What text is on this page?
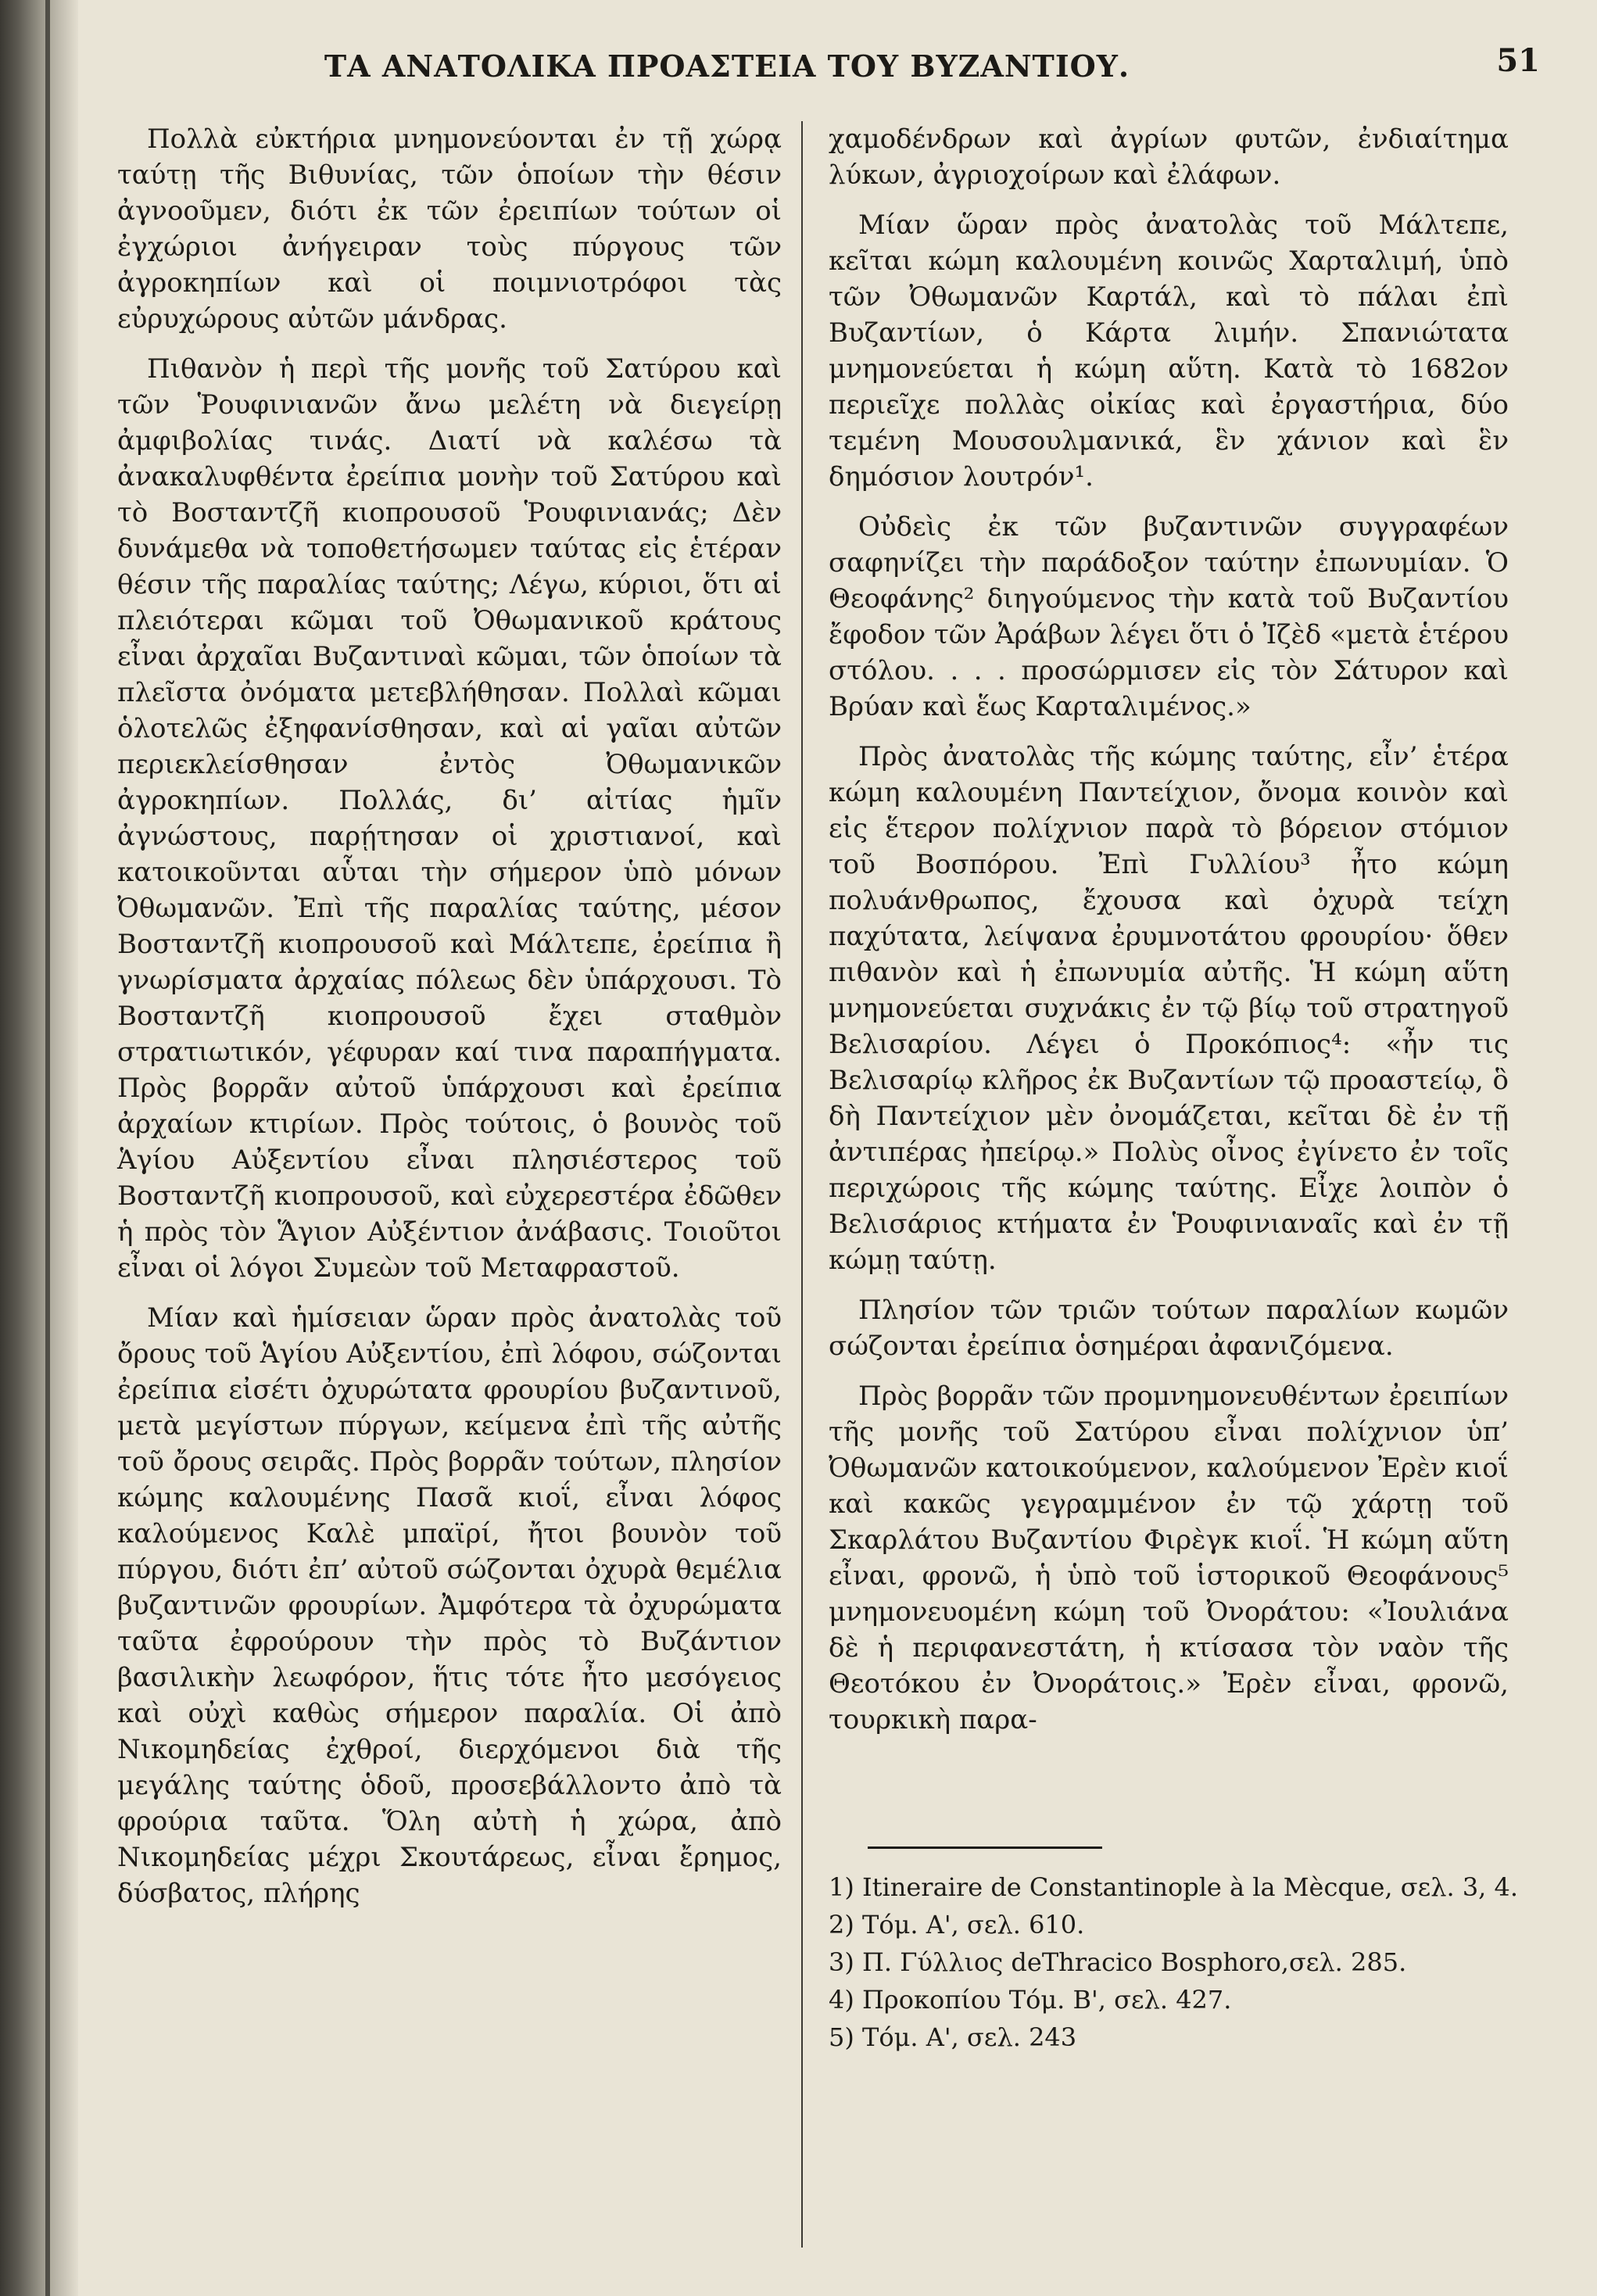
ΤΑ ΑΝΑΤΟΛΙΚΑ ΠΡΟΑΣΤΕΙΑ ΤΟΥ ΒΥΖΑΝΤΙΟΥ.	51

Πολλὰ εὐκτήρια μνημονεύονται ἐν τῇ χώρᾳ ταύτῃ τῆς Βιθυνίας, τῶν ὁποίων τὴν θέσιν ἀγνοοῦμεν, διότι ἐκ τῶν ἐρειπίων τούτων οἱ ἐγχώριοι ἀνήγειραν τοὺς πύργους τῶν ἀγροκηπίων καὶ οἱ ποιμνιοτρόφοι τὰς εὐρυχώρους αὐτῶν μάνδρας.

Πιθανὸν ἡ περὶ τῆς μονῆς τοῦ Σατύρου καὶ τῶν Ῥουφινιανῶν ἄνω μελέτη νὰ διεγείρῃ ἀμφιβολίας τινάς. Διατί νὰ καλέσω τὰ ἀνακαλυφθέντα ἐρείπια μονὴν τοῦ Σατύρου καὶ τὸ Βοσταντζῆ κιοπρουσοῦ Ῥουφινιανάς; Δὲν δυνάμεθα νὰ τοποθετήσωμεν ταύτας εἰς ἑτέραν θέσιν τῆς παραλίας ταύτης; Λέγω, κύριοι, ὅτι αἱ πλειότεραι κῶμαι τοῦ Ὀθωμανικοῦ κράτους εἶναι ἀρχαῖαι Βυζαντιναὶ κῶμαι, τῶν ὁποίων τὰ πλεῖστα ὀνόματα μετεβλήθησαν. Πολλαὶ κῶμαι ὁλοτελῶς ἐξηφανίσθησαν, καὶ αἱ γαῖαι αὐτῶν περιεκλείσθησαν ἐντὸς Ὀθωμανικῶν ἀγροκηπίων. Πολλάς, δι’ αἰτίας ἡμῖν ἀγνώστους, παρῄτησαν οἱ χριστιανοί, καὶ κατοικοῦνται αὗται τὴν σήμερον ὑπὸ μόνων Ὀθωμανῶν. Ἐπὶ τῆς παραλίας ταύτης, μέσον Βοσταντζῆ κιοπρουσοῦ καὶ Μάλτεπε, ἐρείπια ἢ γνωρίσματα ἀρχαίας πόλεως δὲν ὑπάρχουσι. Τὸ Βοσταντζῆ κιοπρουσοῦ ἔχει σταθμὸν στρατιωτικόν, γέφυραν καί τινα παραπήγματα. Πρὸς βορρᾶν αὐτοῦ ὑπάρχουσι καὶ ἐρείπια ἀρχαίων κτιρίων. Πρὸς τούτοις, ὁ βουνὸς τοῦ Ἁγίου Αὐξεντίου εἶναι πλησιέστερος τοῦ Βοσταντζῆ κιοπρουσοῦ, καὶ εὐχερεστέρα ἐδῶθεν ἡ πρὸς τὸν Ἅγιον Αὐξέντιον ἀνάβασις. Τοιοῦτοι εἶναι οἱ λόγοι Συμεὼν τοῦ Μεταφραστοῦ.

Μίαν καὶ ἡμίσειαν ὥραν πρὸς ἀνατολὰς τοῦ ὄρους τοῦ Ἁγίου Αὐξεντίου, ἐπὶ λόφου, σώζονται ἐρείπια εἰσέτι ὀχυρώτατα φρουρίου βυζαντινοῦ, μετὰ μεγίστων πύργων, κείμενα ἐπὶ τῆς αὐτῆς τοῦ ὄρους σειρᾶς. Πρὸς βορρᾶν τούτων, πλησίον κώμης καλουμένης Πασᾶ κιοΐ, εἶναι λόφος καλούμενος Καλὲ μπαϊρί, ἤτοι βουνὸν τοῦ πύργου, διότι ἐπ’ αὐτοῦ σώζονται ὀχυρὰ θεμέλια βυζαντινῶν φρουρίων. Ἀμφότερα τὰ ὀχυρώματα ταῦτα ἐφρούρουν τὴν πρὸς τὸ Βυζάντιον βασιλικὴν λεωφόρον, ἥτις τότε ἦτο μεσόγειος καὶ οὐχὶ καθὼς σήμερον παραλία. Οἱ ἀπὸ Νικομηδείας ἐχθροί, διερχόμενοι διὰ τῆς μεγάλης ταύτης ὁδοῦ, προσεβάλλοντο ἀπὸ τὰ φρούρια ταῦτα. Ὅλη αὐτὴ ἡ χώρα, ἀπὸ Νικομηδείας μέχρι Σκουτάρεως, εἶναι ἔρημος, δύσβατος, πλήρης

χαμοδένδρων καὶ ἀγρίων φυτῶν, ἐνδιαίτημα λύκων, ἀγριοχοίρων καὶ ἐλάφων.

Μίαν ὥραν πρὸς ἀνατολὰς τοῦ Μάλτεπε, κεῖται κώμη καλουμένη κοινῶς Χαρταλιμή, ὑπὸ τῶν Ὀθωμανῶν Καρτάλ, καὶ τὸ πάλαι ἐπὶ Βυζαντίων, ὁ Κάρτα λιμήν. Σπανιώτατα μνημονεύεται ἡ κώμη αὕτη. Κατὰ τὸ 1682ον περιεῖχε πολλὰς οἰκίας καὶ ἐργαστήρια, δύο τεμένη Μουσουλμανικά, ἓν χάνιον καὶ ἓν δημόσιον λουτρόν¹.

Οὐδεὶς ἐκ τῶν βυζαντινῶν συγγραφέων σαφηνίζει τὴν παράδοξον ταύτην ἐπωνυμίαν. Ὁ Θεοφάνης² διηγούμενος τὴν κατὰ τοῦ Βυζαντίου ἔφοδον τῶν Ἀράβων λέγει ὅτι ὁ Ἰζὲδ «μετὰ ἑτέρου στόλου. . . . προσώρμισεν εἰς τὸν Σάτυρον καὶ Βρύαν καὶ ἕως Καρταλιμένος.»

Πρὸς ἀνατολὰς τῆς κώμης ταύτης, εἶν’ ἑτέρα κώμη καλουμένη Παντείχιον, ὄνομα κοινὸν καὶ εἰς ἕτερον πολίχνιον παρὰ τὸ βόρειον στόμιον τοῦ Βοσπόρου. Ἐπὶ Γυλλίου³ ἦτο κώμη πολυάνθρωπος, ἔχουσα καὶ ὀχυρὰ τείχη παχύτατα, λείψανα ἐρυμνοτάτου φρουρίου· ὅθεν πιθανὸν καὶ ἡ ἐπωνυμία αὐτῆς. Ἡ κώμη αὕτη μνημονεύεται συχνάκις ἐν τῷ βίῳ τοῦ στρατηγοῦ Βελισαρίου. Λέγει ὁ Προκόπιος⁴: «ἦν τις Βελισαρίῳ κλῆρος ἐκ Βυζαντίων τῷ προαστείῳ, ὃ δὴ Παντείχιον μὲν ὀνομάζεται, κεῖται δὲ ἐν τῇ ἀντιπέρας ἠπείρῳ.» Πολὺς οἶνος ἐγίνετο ἐν τοῖς περιχώροις τῆς κώμης ταύτης. Εἶχε λοιπὸν ὁ Βελισάριος κτήματα ἐν Ῥουφινιαναῖς καὶ ἐν τῇ κώμῃ ταύτῃ.

Πλησίον τῶν τριῶν τούτων παραλίων κωμῶν σώζονται ἐρείπια ὁσημέραι ἀφανιζόμενα.

Πρὸς βορρᾶν τῶν προμνημονευθέντων ἐρειπίων τῆς μονῆς τοῦ Σατύρου εἶναι πολίχνιον ὑπ’ Ὀθωμανῶν κατοικούμενον, καλούμενον Ἐρὲν κιοΐ καὶ κακῶς γεγραμμένον ἐν τῷ χάρτῃ τοῦ Σκαρλάτου Βυζαντίου Φιρὲγκ κιοΐ. Ἡ κώμη αὕτη εἶναι, φρονῶ, ἡ ὑπὸ τοῦ ἱστορικοῦ Θεοφάνους⁵ μνημονευομένη κώμη τοῦ Ὀνοράτου: «Ἰουλιάνα δὲ ἡ περιφανεστάτη, ἡ κτίσασα τὸν ναὸν τῆς Θεοτόκου ἐν Ὀνοράτοις.» Ἐρὲν εἶναι, φρονῶ, τουρκικὴ παρα-

1) Itineraire de Constantinople à la Mècque, σελ. 3, 4.

2) Τόμ. Α', σελ. 610.

3) Π. Γύλλιος deThracico Bosphoro,σελ. 285.

4) Προκοπίου Τόμ. Β', σελ. 427.

5) Τόμ. Α', σελ. 243
